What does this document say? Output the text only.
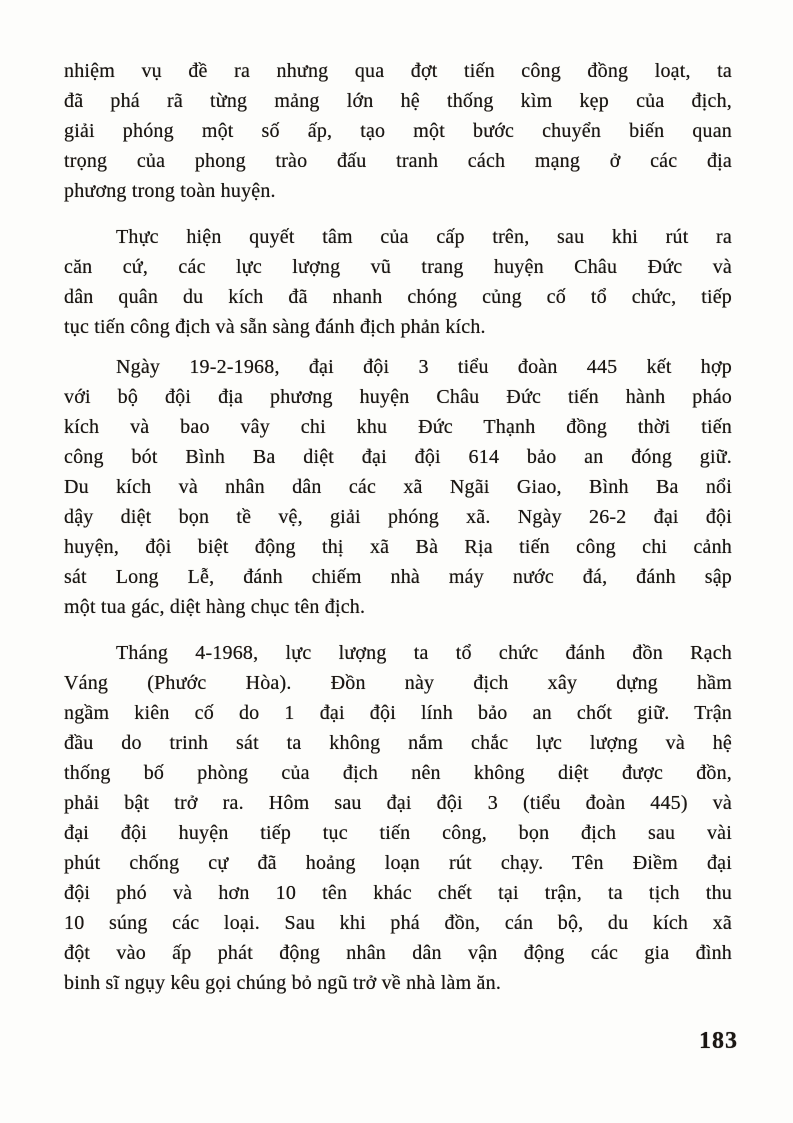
nhiệm vụ đề ra nhưng qua đợt tiến công đồng loạt, ta
đã phá rã từng mảng lớn hệ thống kìm kẹp của địch,
giải phóng một số ấp, tạo một bước chuyển biến quan
trọng của phong trào đấu tranh cách mạng ở các địa
phương trong toàn huyện.
Thực hiện quyết tâm của cấp trên, sau khi rút ra
căn cứ, các lực lượng vũ trang huyện Châu Đức và
dân quân du kích đã nhanh chóng củng cố tổ chức, tiếp
tục tiến công địch và sẵn sàng đánh địch phản kích.
Ngày 19-2-1968, đại đội 3 tiểu đoàn 445 kết hợp
với bộ đội địa phương huyện Châu Đức tiến hành pháo
kích và bao vây chi khu Đức Thạnh đồng thời tiến
công bót Bình Ba diệt đại đội 614 bảo an đóng giữ.
Du kích và nhân dân các xã Ngãi Giao, Bình Ba nổi
dậy diệt bọn tề vệ, giải phóng xã. Ngày 26-2 đại đội
huyện, đội biệt động thị xã Bà Rịa tiến công chi cảnh
sát Long Lễ, đánh chiếm nhà máy nước đá, đánh sập
một tua gác, diệt hàng chục tên địch.
Tháng 4-1968, lực lượng ta tổ chức đánh đồn Rạch
Váng (Phước Hòa). Đồn này địch xây dựng hầm
ngầm kiên cố do 1 đại đội lính bảo an chốt giữ. Trận
đầu do trinh sát ta không nắm chắc lực lượng và hệ
thống bố phòng của địch nên không diệt được đồn,
phải bật trở ra. Hôm sau đại đội 3 (tiểu đoàn 445) và
đại đội huyện tiếp tục tiến công, bọn địch sau vài
phút chống cự đã hoảng loạn rút chạy. Tên Điềm đại
đội phó và hơn 10 tên khác chết tại trận, ta tịch thu
10 súng các loại. Sau khi phá đồn, cán bộ, du kích xã
đột vào ấp phát động nhân dân vận động các gia đình
binh sĩ ngụy kêu gọi chúng bỏ ngũ trở về nhà làm ăn.
183
